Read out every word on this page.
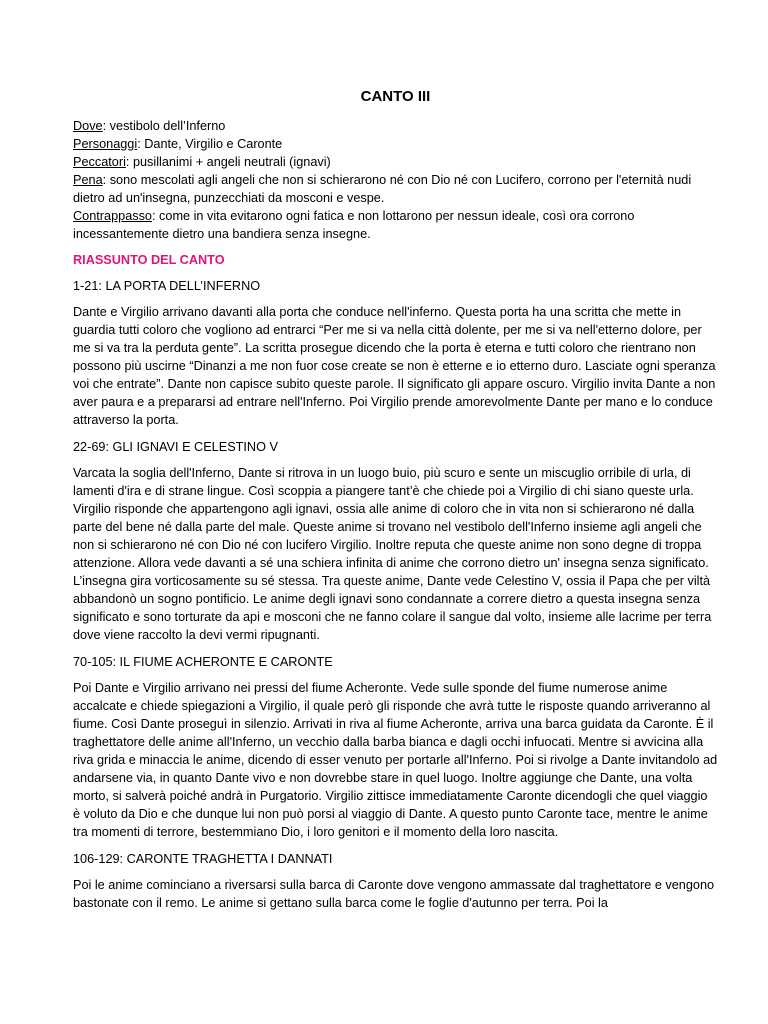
CANTO III
Dove: vestibolo dell’Inferno
Personaggi: Dante, Virgilio e Caronte
Peccatori: pusillanimi + angeli neutrali (ignavi)
Pena: sono mescolati agli angeli che non si schierarono né con Dio né con Lucifero, corrono per l'eternità nudi dietro ad un'insegna, punzecchiati da mosconi e vespe.
Contrappasso: come in vita evitarono ogni fatica e non lottarono per nessun ideale, così ora corrono incessantemente dietro una bandiera senza insegne.
RIASSUNTO DEL CANTO
1-21: LA PORTA DELL’INFERNO
Dante e Virgilio arrivano davanti alla porta che conduce nell'inferno. Questa porta ha una scritta che mette in guardia tutti coloro che vogliono ad entrarci “Per me si va nella città dolente, per me si va nell'etterno dolore, per me si va tra la perduta gente”. La scritta prosegue dicendo che la porta è eterna e tutti coloro che rientrano non possono più uscirne “Dinanzi a me non fuor cose create se non è etterne e io etterno duro. Lasciate ogni speranza voi che entrate”. Dante non capisce subito queste parole. Il significato gli appare oscuro. Virgilio invita Dante a non aver paura e a prepararsi ad entrare nell'Inferno. Poi Virgilio prende amorevolmente Dante per mano e lo conduce attraverso la porta.
22-69: GLI IGNAVI E CELESTINO V
Varcata la soglia dell'Inferno, Dante si ritrova in un luogo buio, più scuro e sente un miscuglio orribile di urla, di lamenti d'ira e di strane lingue. Così scoppia a piangere tant’è che chiede poi a Virgilio di chi siano queste urla. Virgilio risponde che appartengono agli ignavi, ossia alle anime di coloro che in vita non si schierarono né dalla parte del bene né dalla parte del male. Queste anime si trovano nel vestibolo dell'Inferno insieme agli angeli che non si schierarono né con Dio né con lucifero Virgilio. Inoltre reputa che queste anime non sono degne di troppa attenzione. Allora vede davanti a sé una schiera infinita di anime che corrono dietro un' insegna senza significato. L’insegna gira vorticosamente su sé stessa. Tra queste anime, Dante vede Celestino V, ossia il Papa che per viltà abbandonò un sogno pontificio. Le anime degli ignavi sono condannate a correre dietro a questa insegna senza significato e sono torturate da api e mosconi che ne fanno colare il sangue dal volto, insieme alle lacrime per terra dove viene raccolto la devi vermi ripugnanti.
70-105: IL FIUME ACHERONTE E CARONTE
Poi Dante e Virgilio arrivano nei pressi del fiume Acheronte. Vede sulle sponde del fiume numerose anime accalcate e chiede spiegazioni a Virgilio, il quale però gli risponde che avrà tutte le risposte quando arriveranno al fiume. Così Dante proseguì in silenzio. Arrivati in riva al fiume Acheronte, arriva una barca guidata da Caronte. È il traghettatore delle anime all'Inferno, un vecchio dalla barba bianca e dagli occhi infuocati. Mentre si avvicina alla riva grida e minaccia le anime, dicendo di esser venuto per portarle all'Inferno. Poi si rivolge a Dante invitandolo ad andarsene via, in quanto Dante vivo e non dovrebbe stare in quel luogo. Inoltre aggiunge che Dante, una volta morto, si salverà poiché andrà in Purgatorio. Virgilio zittisce immediatamente Caronte dicendogli che quel viaggio è voluto da Dio e che dunque lui non può porsi al viaggio di Dante. A questo punto Caronte tace, mentre le anime tra momenti di terrore, bestemmiano Dio, i loro genitori e il momento della loro nascita.
106-129: CARONTE TRAGHETTA I DANNATI
Poi le anime cominciano a riversarsi sulla barca di Caronte dove vengono ammassate dal traghettatore e vengono bastonate con il remo. Le anime si gettano sulla barca come le foglie d'autunno per terra. Poi la
